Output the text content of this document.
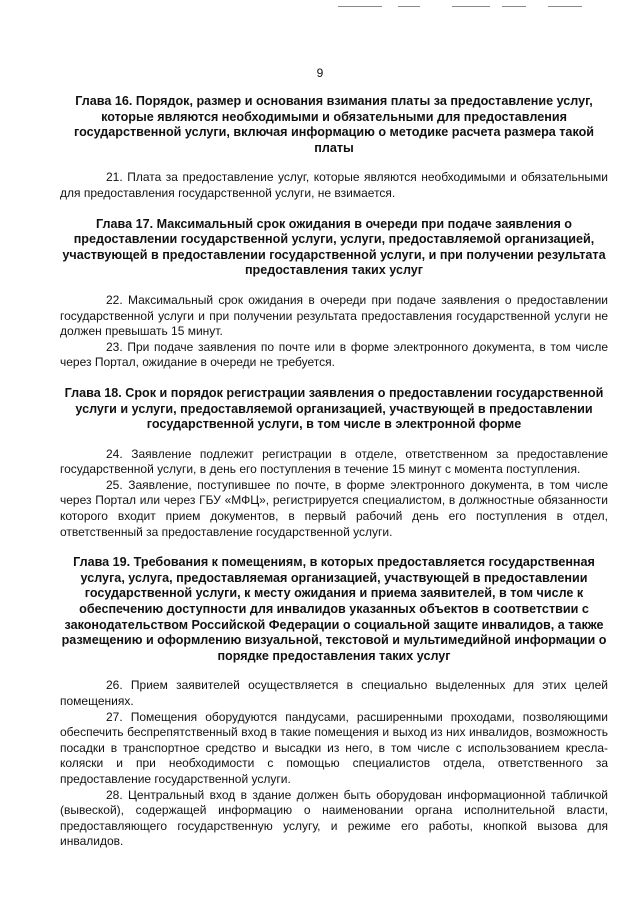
9

Глава 16. Порядок, размер и основания взимания платы за предоставление услуг, которые являются необходимыми и обязательными для предоставления государственной услуги, включая информацию о методике расчета размера такой платы

21. Плата за предоставление услуг, которые являются необходимыми и обязательными для предоставления государственной услуги, не взимается.

Глава 17. Максимальный срок ожидания в очереди при подаче заявления о предоставлении государственной услуги, услуги, предоставляемой организацией, участвующей в предоставлении государственной услуги, и при получении результата предоставления таких услуг

22. Максимальный срок ожидания в очереди при подаче заявления о предоставлении государственной услуги и при получении результата предоставления государственной услуги не должен превышать 15 минут.

23. При подаче заявления по почте или в форме электронного документа, в том числе через Портал, ожидание в очереди не требуется.

Глава 18. Срок и порядок регистрации заявления о предоставлении государственной услуги и услуги, предоставляемой организацией, участвующей в предоставлении государственной услуги, в том числе в электронной форме

24. Заявление подлежит регистрации в отделе, ответственном за предоставление государственной услуги, в день его поступления в течение 15 минут с момента поступления.

25. Заявление, поступившее по почте, в форме электронного документа, в том числе через Портал или через ГБУ «МФЦ», регистрируется специалистом, в должностные обязанности которого входит прием документов, в первый рабочий день его поступления в отдел, ответственный за предоставление государственной услуги.

Глава 19. Требования к помещениям, в которых предоставляется государственная услуга, услуга, предоставляемая организацией, участвующей в предоставлении государственной услуги, к месту ожидания и приема заявителей, в том числе к обеспечению доступности для инвалидов указанных объектов в соответствии с законодательством Российской Федерации о социальной защите инвалидов, а также размещению и оформлению визуальной, текстовой и мультимедийной информации о порядке предоставления таких услуг

26. Прием заявителей осуществляется в специально выделенных для этих целей помещениях.

27. Помещения оборудуются пандусами, расширенными проходами, позволяющими обеспечить беспрепятственный вход в такие помещения и выход из них инвалидов, возможность посадки в транспортное средство и высадки из него, в том числе с использованием кресла-коляски и при необходимости с помощью специалистов отдела, ответственного за предоставление государственной услуги.

28. Центральный вход в здание должен быть оборудован информационной табличкой (вывеской), содержащей информацию о наименовании органа исполнительной власти, предоставляющего государственную услугу, и режиме его работы, кнопкой вызова для инвалидов.
